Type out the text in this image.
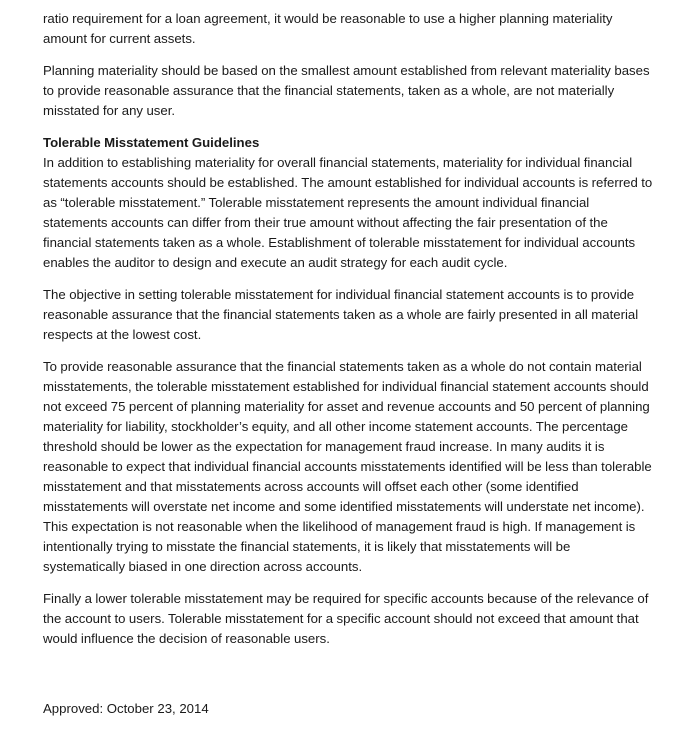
ratio requirement for a loan agreement, it would be reasonable to use a higher planning materiality amount for current assets.

Planning materiality should be based on the smallest amount established from relevant materiality bases to provide reasonable assurance that the financial statements, taken as a whole, are not materially misstated for any user.

Tolerable Misstatement Guidelines

In addition to establishing materiality for overall financial statements, materiality for individual financial statements accounts should be established. The amount established for individual accounts is referred to as “tolerable misstatement.” Tolerable misstatement represents the amount individual financial statements accounts can differ from their true amount without affecting the fair presentation of the financial statements taken as a whole. Establishment of tolerable misstatement for individual accounts enables the auditor to design and execute an audit strategy for each audit cycle.

The objective in setting tolerable misstatement for individual financial statement accounts is to provide reasonable assurance that the financial statements taken as a whole are fairly presented in all material respects at the lowest cost.

To provide reasonable assurance that the financial statements taken as a whole do not contain material misstatements, the tolerable misstatement established for individual financial statement accounts should not exceed 75 percent of planning materiality for asset and revenue accounts and 50 percent of planning materiality for liability, stockholder’s equity, and all other income statement accounts. The percentage threshold should be lower as the expectation for management fraud increase. In many audits it is reasonable to expect that individual financial accounts misstatements identified will be less than tolerable misstatement and that misstatements across accounts will offset each other (some identified misstatements will overstate net income and some identified misstatements will understate net income). This expectation is not reasonable when the likelihood of management fraud is high. If management is intentionally trying to misstate the financial statements, it is likely that misstatements will be systematically biased in one direction across accounts.

Finally a lower tolerable misstatement may be required for specific accounts because of the relevance of the account to users. Tolerable misstatement for a specific account should not exceed that amount that would influence the decision of reasonable users.

Approved: October 23, 2014
